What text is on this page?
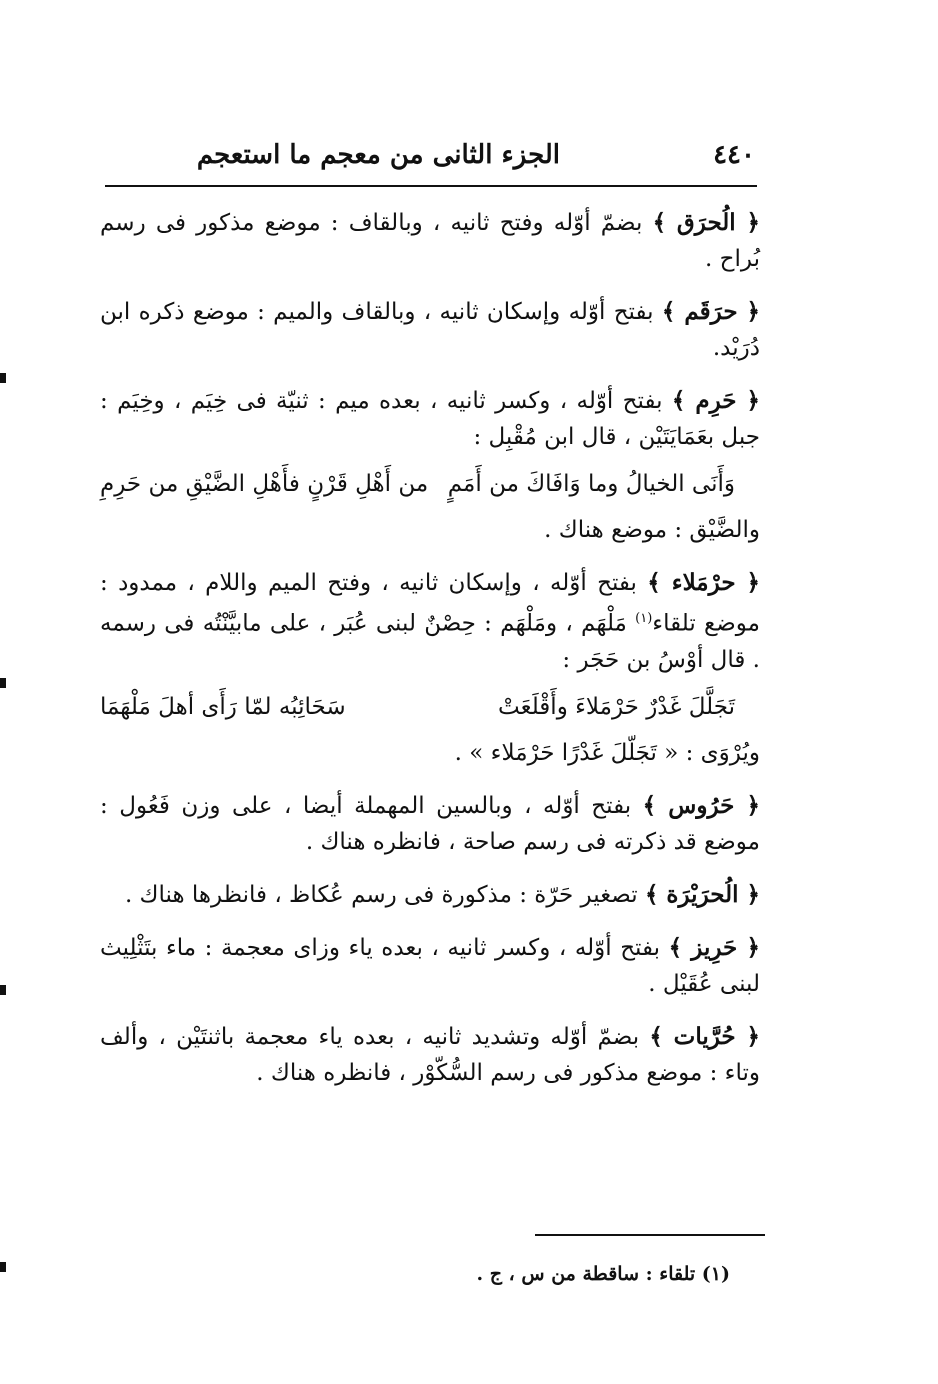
٤٤٠
الجزء الثانى من معجم ما استعجم

﴿ الُحرَق ﴾ بضمّ أوّله وفتح ثانيه ، وبالقاف : موضع مذكور فى رسم بُراح .

﴿ حرَقَم ﴾ بفتح أوّله وإسكان ثانيه ، وبالقاف والميم : موضع ذكره ابن دُرَيْد.

﴿ حَرِم ﴾ بفتح أوّله ، وكسر ثانيه ، بعده ميم : ثنيّة فى خِيَم ، وخِيَم : جبل بعَمَايَتَيْن ، قال ابن مُقْبِل :

وَأَنَى الخيالُ وما وَافَاكَ من أَمَمٍ
من أَهْلِ قَرْنٍ فأَهْلِ الضَّيْقِ من حَرِمِ

والضَّيْق : موضع هناك .

﴿ حرْمَلاء ﴾ بفتح أوّله ، وإسكان ثانيه ، وفتح الميم واللام ، ممدود : موضع تلقاء$^{(١)}$ مَلْهَم ، ومَلْهَم : حِصْنٌ لبنى عُبَر ، على مابيَّنْتُه فى رسمه . قال أوْسُ بن حَجَر :

تَجَلَّلَ غَدْرٌ حَرْمَلاءَ وأَقْلَعَتْ
سَحَائِبُه لمّا رَأَى أهلَ مَلْهَمَا

ويُرْوَى : « تَجَلّلَ غَدْرًا حَرْمَلاء » .

﴿ حَرُوس ﴾ بفتح أوّله ، وبالسين المهملة أيضا ، على وزن فَعُول : موضع قد ذكرته فى رسم صاحة ، فانظره هناك .

﴿ الُحرَيْرَة ﴾ تصغير حَرّة : مذكورة فى رسم عُكاظ ، فانظرها هناك .

﴿ حَرِيز ﴾ بفتح أوّله ، وكسر ثانيه ، بعده ياء وزاى معجمة : ماء بتَثْلِيث لبنى عُقَيْل .

﴿ حُرَّيات ﴾ بضمّ أوّله وتشديد ثانيه ، بعده ياء معجمة باثنتَيْن ، وألف وتاء : موضع مذكور فى رسم السُّكّوْر ، فانظره هناك .

(١) تلقاء : ساقطة من س ، ج .
